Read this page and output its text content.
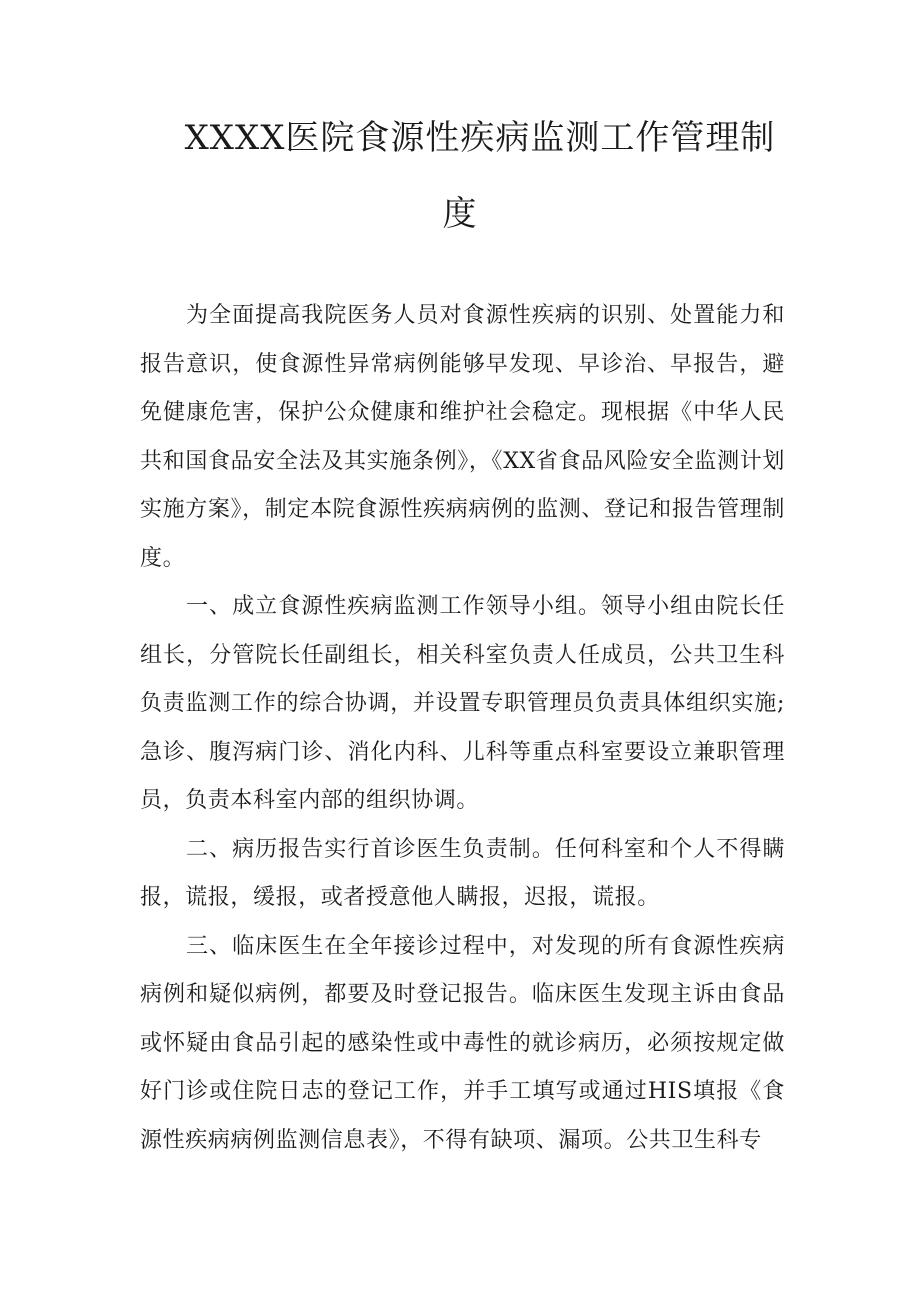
XXXX医院食源性疾病监测工作管理制
度

为全面提高我院医务人员对食源性疾病的识别、处置能力和报告意识，使食源性异常病例能够早发现、早诊治、早报告，避免健康危害，保护公众健康和维护社会稳定。现根据《中华人民共和国食品安全法及其实施条例》，《XX省食品风险安全监测计划实施方案》，制定本院食源性疾病病例的监测、登记和报告管理制度。

一、成立食源性疾病监测工作领导小组。领导小组由院长任组长，分管院长任副组长，相关科室负责人任成员，公共卫生科负责监测工作的综合协调，并设置专职管理员负责具体组织实施;急诊、腹泻病门诊、消化内科、儿科等重点科室要设立兼职管理员，负责本科室内部的组织协调。

二、病历报告实行首诊医生负责制。任何科室和个人不得瞒报，谎报，缓报，或者授意他人瞒报，迟报，谎报。

三、临床医生在全年接诊过程中，对发现的所有食源性疾病病例和疑似病例，都要及时登记报告。临床医生发现主诉由食品或怀疑由食品引起的感染性或中毒性的就诊病历，必须按规定做好门诊或住院日志的登记工作，并手工填写或通过HIS填报《食源性疾病病例监测信息表》，不得有缺项、漏项。公共卫生科专
